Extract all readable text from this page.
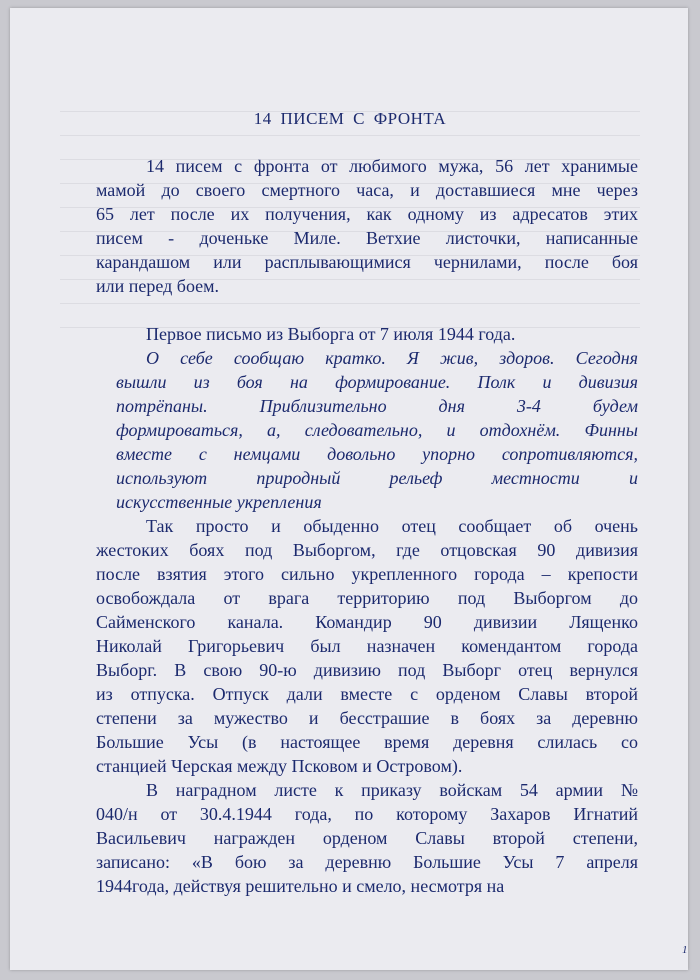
14 ПИСЕМ С ФРОНТА
14 писем с фронта от любимого мужа, 56 лет хранимые
мамой до своего смертного часа, и доставшиеся мне через
65 лет после их получения, как одному из адресатов этих
писем - доченьке Миле. Ветхие листочки, написанные
карандашом или расплывающимися чернилами, после боя
или перед боем.
Первое письмо из Выборга от 7 июля 1944 года.
О себе сообщаю кратко. Я жив, здоров. Сегодня
вышли из боя на формирование. Полк и дивизия
потрёпаны. Приблизительно дня 3-4 будем
формироваться, а, следовательно, и отдохнём. Финны
вместе с немцами довольно упорно сопротивляются,
используют природный рельеф местности и
искусственные укрепления
Так просто и обыденно отец сообщает об очень
жестоких боях под Выборгом, где отцовская 90 дивизия
после взятия этого сильно укрепленного города – крепости
освобождала от врага территорию под Выборгом до
Сайменского канала. Командир 90 дивизии Лященко
Николай Григорьевич был назначен комендантом города
Выборг. В свою 90-ю дивизию под Выборг отец вернулся
из отпуска. Отпуск дали вместе с орденом Славы второй
степени за мужество и бесстрашие в боях за деревню
Большие Усы (в настоящее время деревня слилась со
станцией Черская между Псковом и Островом).
В наградном листе к приказу войскам 54 армии №
040/н от 30.4.1944 года, по которому Захаров Игнатий
Васильевич награжден орденом Славы второй степени,
записано: «В бою за деревню Большие Усы 7 апреля
1944года, действуя решительно и смело, несмотря на
1
